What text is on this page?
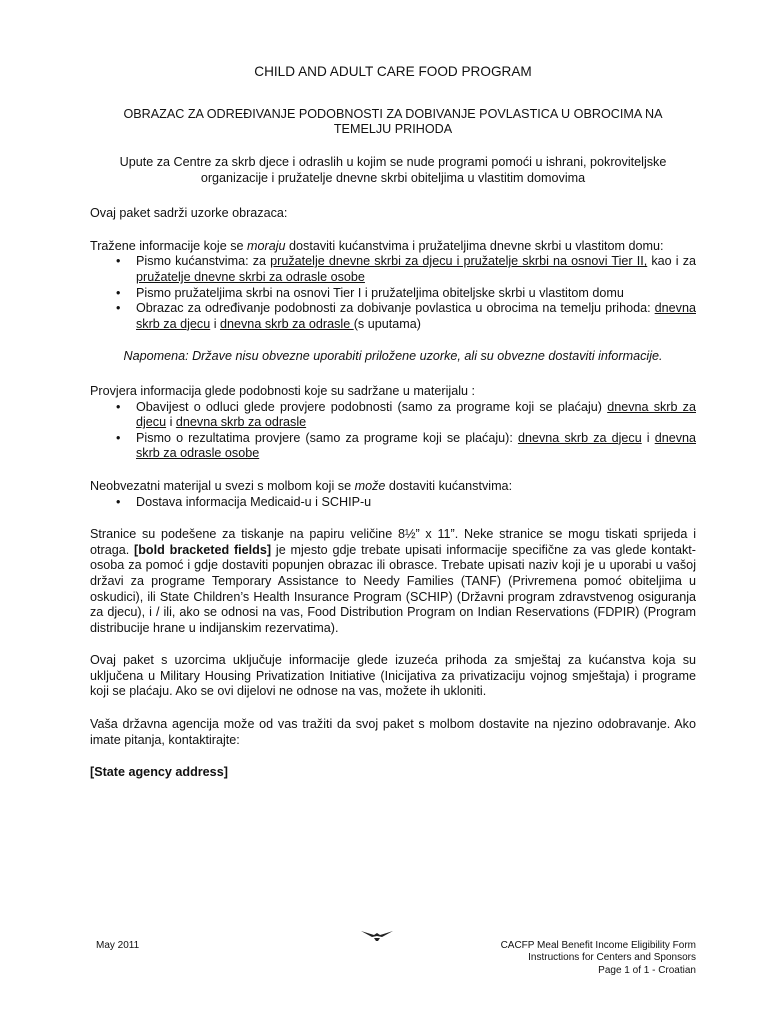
CHILD AND ADULT CARE FOOD PROGRAM
OBRAZAC ZA ODREĐIVANJE PODOBNOSTI ZA DOBIVANJE POVLASTICA U OBROCIMA NA
TEMELJU PRIHODA
Upute za Centre za skrb djece i odraslih u kojim se nude programi pomoći u ishrani, pokroviteljske
organizacije i pružatelje dnevne skrbi obiteljima u vlastitim domovima

Ovaj paket sadrži uzorke obrazaca:

Tražene informacije koje se moraju dostaviti kućanstvima i pružateljima dnevne skrbi u vlastitom domu:

• Pismo kućanstvima: za pružatelje dnevne skrbi za djecu i pružatelje skrbi na osnovi Tier II, kao i za pružatelje dnevne skrbi za odrasle osobe
• Pismo pružateljima skrbi na osnovi Tier I i pružateljima obiteljske skrbi u vlastitom domu
• Obrazac za određivanje podobnosti za dobivanje povlastica u obrocima na temelju prihoda: dnevna skrb za djecu i dnevna skrb za odrasle (s uputama)

Napomena: Države nisu obvezne uporabiti priložene uzorke, ali su obvezne dostaviti informacije.

Provjera informacija glede podobnosti koje su sadržane u materijalu :

• Obavijest o odluci glede provjere podobnosti (samo za programe koji se plaćaju) dnevna skrb za djecu i dnevna skrb za odrasle
• Pismo o rezultatima provjere (samo za programe koji se plaćaju): dnevna skrb za djecu i dnevna skrb za odrasle osobe

Neobvezatni materijal u svezi s molbom koji se može dostaviti kućanstvima:

• Dostava informacija Medicaid-u i SCHIP-u

Stranice su podešene za tiskanje na papiru veličine 8½” x 11”. Neke stranice se mogu tiskati sprijeda i otraga. [bold bracketed fields] je mjesto gdje trebate upisati informacije specifične za vas glede kontakt-osoba za pomoć i gdje dostaviti popunjen obrazac ili obrasce. Trebate upisati naziv koji je u uporabi u vašoj državi za programe Temporary Assistance to Needy Families (TANF) (Privremena pomoć obiteljima u oskudici), ili State Children’s Health Insurance Program (SCHIP) (Državni program zdravstvenog osiguranja za djecu), i / ili, ako se odnosi na vas, Food Distribution Program on Indian Reservations (FDPIR) (Program distribucije hrane u indijanskim rezervatima).

Ovaj paket s uzorcima uključuje informacije glede izuzeća prihoda za smještaj za kućanstva koja su uključena u Military Housing Privatization Initiative (Inicijativa za privatizaciju vojnog smještaja) i programe koji se plaćaju. Ako se ovi dijelovi ne odnose na vas, možete ih ukloniti.

Vaša državna agencija može od vas tražiti da svoj paket s molbom dostavite na njezino odobravanje. Ako imate pitanja, kontaktirajte:

[State agency address]

May 2011	CACFP Meal Benefit Income Eligibility Form
Instructions for Centers and Sponsors
Page 1 of 1 - Croatian
